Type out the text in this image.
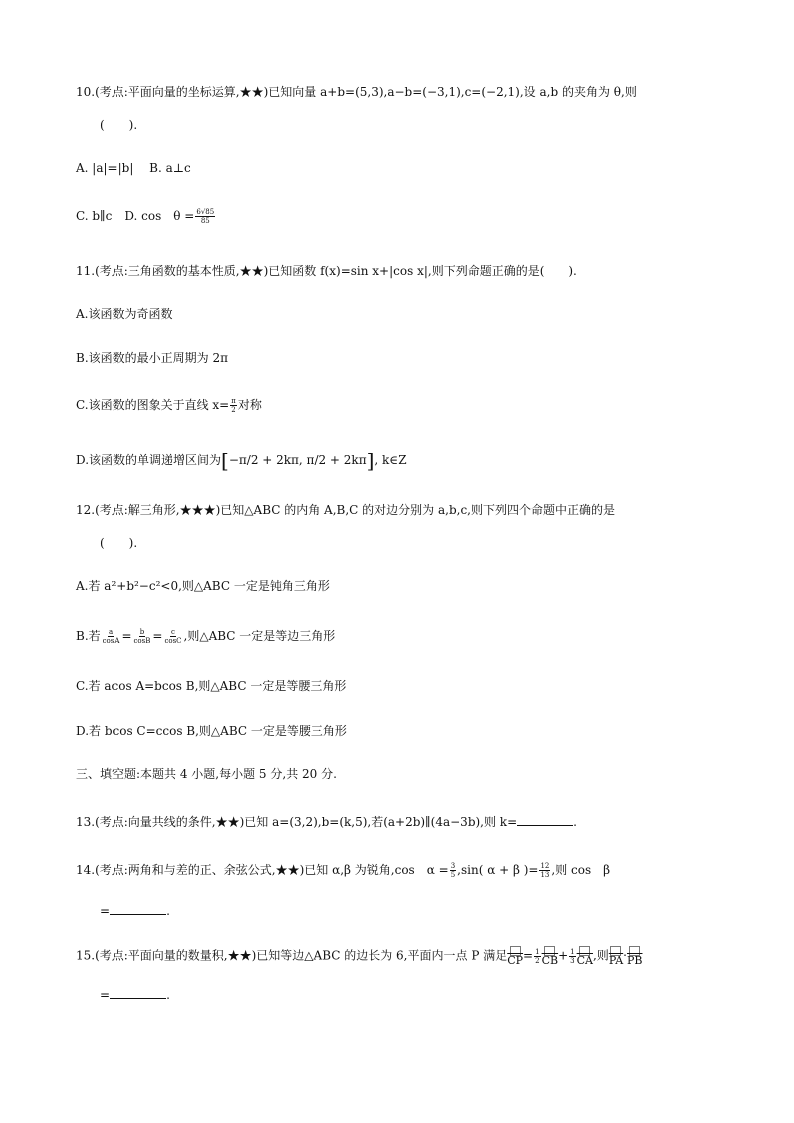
10.(考点:平面向量的坐标运算,★★)已知向量 a+b=(5,3),a−b=(−3,1),c=(−2,1),设 a,b 的夹角为 θ,则
(　　).
A. |a|=|b|　 B. a⊥c
C. b∥c　D. cos　$\theta = \frac{6√85}{85}$
11.(考点:三角函数的基本性质,★★)已知函数 f(x)=sin x+|cos x|,则下列命题正确的是(　　).
A.该函数为奇函数
B.该函数的最小正周期为 2π
C.该函数的图象关于直线 $x= \frac{\pi}{2}$ 对称
D.该函数的单调递增区间为[−π/2 + 2kπ, π/2 + 2kπ], k∈Z
12.(考点:解三角形,★★★)已知△ABC 的内角 A,B,C 的对边分别为 a,b,c,则下列四个命题中正确的是
(　　).
A.若 a²+b²−c²<0,则△ABC 一定是钝角三角形
B.若 $\frac{a}{\cos A} = \frac{b}{\cos B} = \frac{c}{\cos C}$ ,则△ABC 一定是等边三角形
C.若 acos A=bcos B,则△ABC 一定是等腰三角形
D.若 bcos C=ccos B,则△ABC 一定是等腰三角形
三、填空题:本题共 4 小题,每小题 5 分,共 20 分.
13.(考点:向量共线的条件,★★)已知 a=(3,2),b=(k,5),若(a+2b)∥(4a−3b),则 k=	.
14.(考点:两角和与差的正、余弦公式,★★)已知 α,β 为锐角,cos　$\alpha = \frac{3}{5} ,\sin$( α + β )= $\frac{12}{13}$ ,则 cos　β
=	.
15.(考点:平面向量的数量积,★★)已知等边△ABC 的边长为 6,平面内一点 P 满足 $\overline{CP} = \frac{1}{2} \overline{CB} + \frac{1}{3} \overline{CA}$ ,则 $\overline{PA} \cdot \overline{PB}$
=	.
